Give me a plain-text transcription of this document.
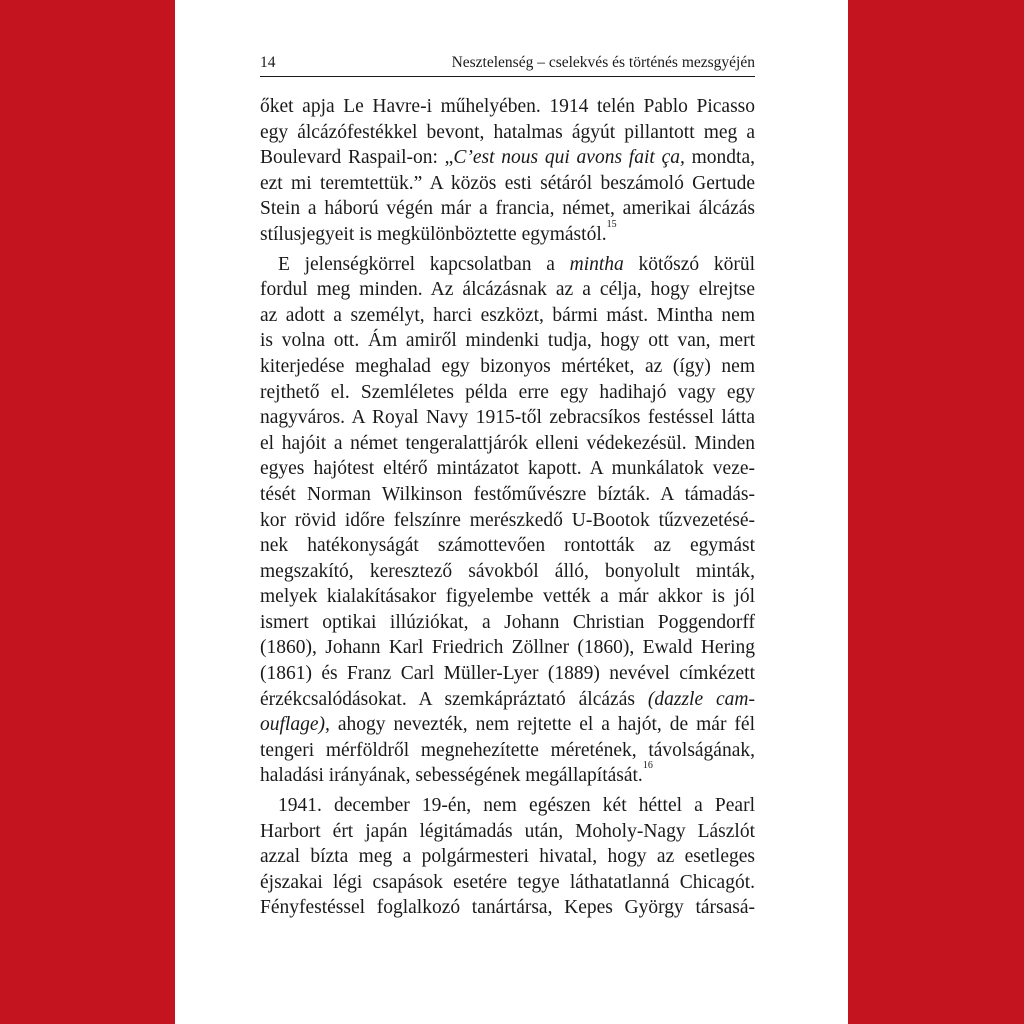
14	Nesztelenség – cselekvés és történés mezsgyéjén
őket apja Le Havre-i műhelyében. 1914 telén Pablo Picasso
egy álcázófestékkel bevont, hatalmas ágyút pillantott meg a
Boulevard Raspail-on: „C’est nous qui avons fait ça, mondta,
ezt mi teremtettük.” A közös esti sétáról beszámoló Gertude
Stein a háború végén már a francia, német, amerikai álcázás
stílusjegyeit is megkülönböztette egymástól.$^{15}$
E jelenségkörrel kapcsolatban a mintha kötőszó körül
fordul meg minden. Az álcázásnak az a célja, hogy elrejtse
az adott a személyt, harci eszközt, bármi mást. Mintha nem
is volna ott. Ám amiről mindenki tudja, hogy ott van, mert
kiterjedése meghalad egy bizonyos mértéket, az (így) nem
rejthető el. Szemléletes példa erre egy hadihajó vagy egy
nagyváros. A Royal Navy 1915-től zebracsíkos festéssel látta
el hajóit a német tengeralattjárók elleni védekezésül. Minden
egyes hajótest eltérő mintázatot kapott. A munkálatok veze-
tését Norman Wilkinson festőművészre bízták. A támadás-
kor rövid időre felszínre merészkedő U-Bootok tűzvezetésé-
nek hatékonyságát számottevően rontották az egymást
megszakító, keresztező sávokból álló, bonyolult minták,
melyek kialakításakor figyelembe vették a már akkor is jól
ismert optikai illúziókat, a Johann Christian Poggendorff
(1860), Johann Karl Friedrich Zöllner (1860), Ewald Hering
(1861) és Franz Carl Müller-Lyer (1889) nevével címkézett
érzékcsalódásokat. A szemkápráztató álcázás (dazzle cam-
ouflage), ahogy nevezték, nem rejtette el a hajót, de már fél
tengeri mérföldről megnehezítette méretének, távolságának,
haladási irányának, sebességének megállapítását.$^{16}$
1941. december 19-én, nem egészen két héttel a Pearl
Harbort ért japán légitámadás után, Moholy-Nagy Lászlót
azzal bízta meg a polgármesteri hivatal, hogy az esetleges
éjszakai légi csapások esetére tegye láthatatlanná Chicagót.
Fényfestéssel foglalkozó tanártársa, Kepes György társasá-
